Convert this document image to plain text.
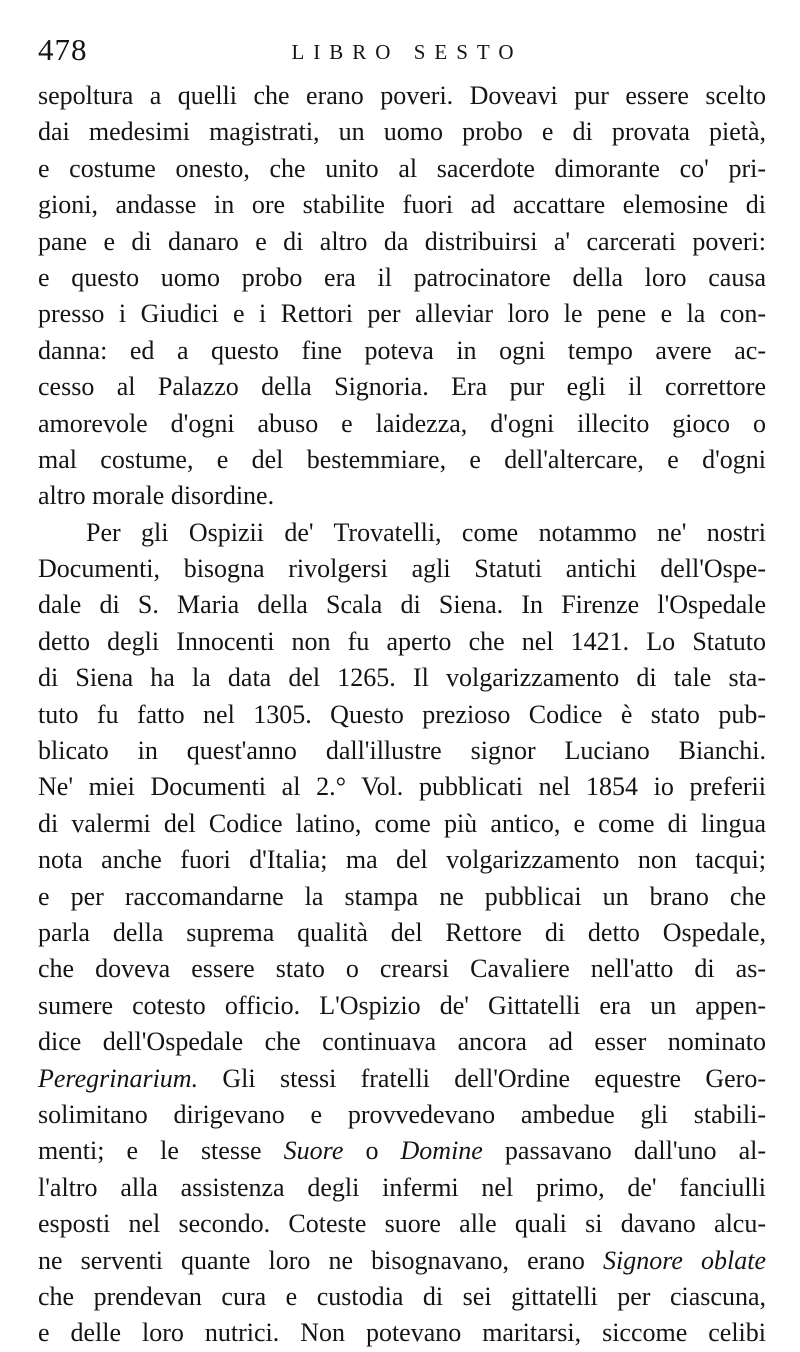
478	LIBRO SESTO
sepoltura a quelli che erano poveri. Doveavi pur essere scelto
dai medesimi magistrati, un uomo probo e di provata pietà,
e costume onesto, che unito al sacerdote dimorante co' pri-
gioni, andasse in ore stabilite fuori ad accattare elemosine di
pane e di danaro e di altro da distribuirsi a' carcerati poveri:
e questo uomo probo era il patrocinatore della loro causa
presso i Giudici e i Rettori per alleviar loro le pene e la con-
danna: ed a questo fine poteva in ogni tempo avere ac-
cesso al Palazzo della Signoria. Era pur egli il correttore
amorevole d'ogni abuso e laidezza, d'ogni illecito gioco o
mal costume, e del bestemmiare, e dell'altercare, e d'ogni
altro morale disordine.
Per gli Ospizii de' Trovatelli, come notammo ne' nostri
Documenti, bisogna rivolgersi agli Statuti antichi dell'Ospe-
dale di S. Maria della Scala di Siena. In Firenze l'Ospedale
detto degli Innocenti non fu aperto che nel 1421. Lo Statuto
di Siena ha la data del 1265. Il volgarizzamento di tale sta-
tuto fu fatto nel 1305. Questo prezioso Codice è stato pub-
blicato in quest'anno dall'illustre signor Luciano Bianchi.
Ne' miei Documenti al 2.° Vol. pubblicati nel 1854 io preferii
di valermi del Codice latino, come più antico, e come di lingua
nota anche fuori d'Italia; ma del volgarizzamento non tacqui;
e per raccomandarne la stampa ne pubblicai un brano che
parla della suprema qualità del Rettore di detto Ospedale,
che doveva essere stato o crearsi Cavaliere nell'atto di as-
sumere cotesto officio. L'Ospizio de' Gittatelli era un appen-
dice dell'Ospedale che continuava ancora ad esser nominato
Peregrinarium. Gli stessi fratelli dell'Ordine equestre Gero-
solimitano dirigevano e provvedevano ambedue gli stabili-
menti; e le stesse Suore o Domine passavano dall'uno al-
l'altro alla assistenza degli infermi nel primo, de' fanciulli
esposti nel secondo. Coteste suore alle quali si davano alcu-
ne serventi quante loro ne bisognavano, erano Signore oblate
che prendevan cura e custodia di sei gittatelli per ciascuna,
e delle loro nutrici. Non potevano maritarsi, siccome celibi
